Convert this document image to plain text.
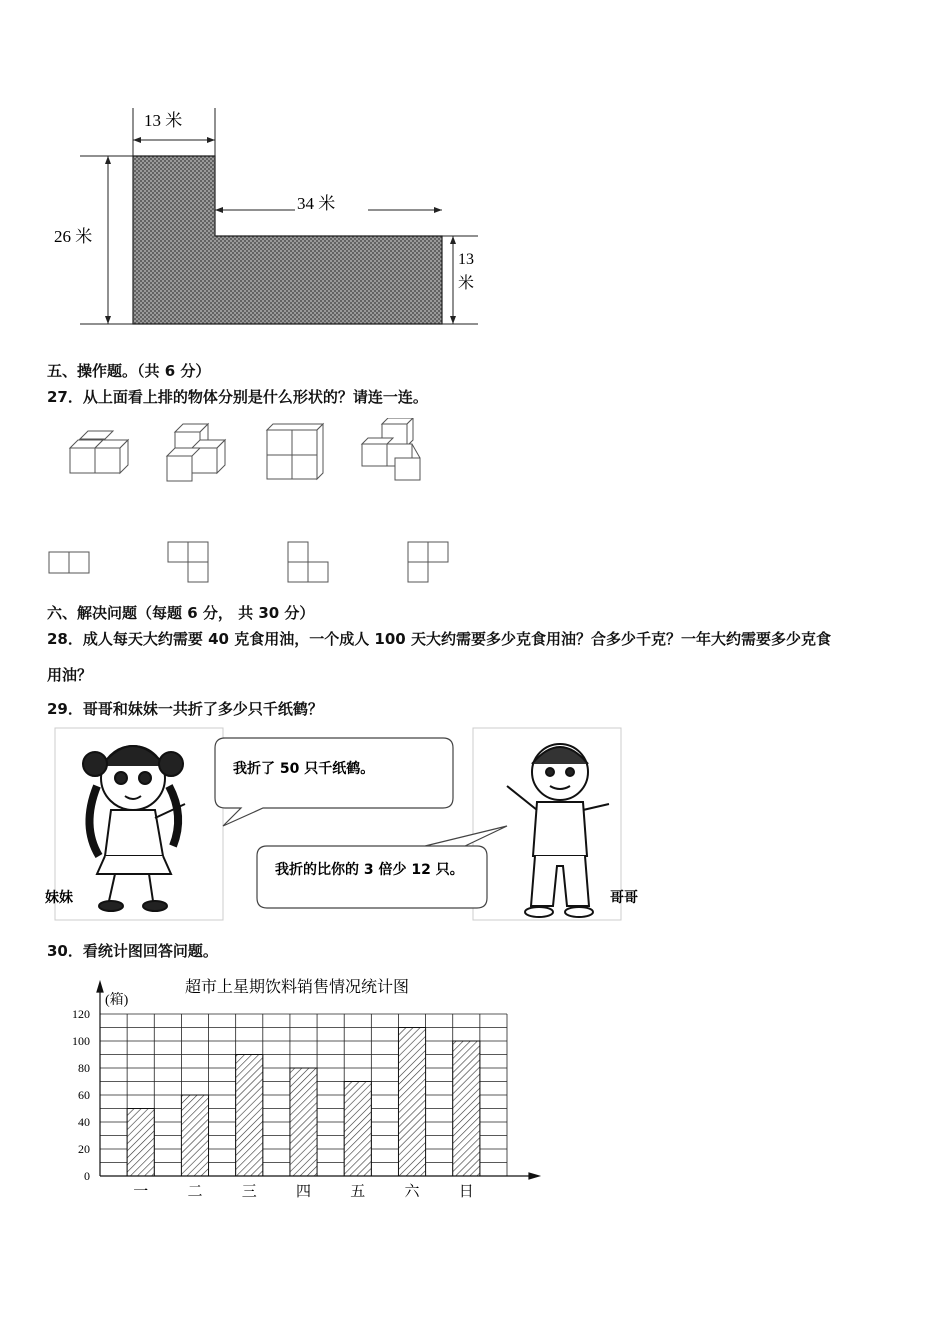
13 米
34 米
26 米
13
米
五、操作题。（共 6 分）
27．从上面看上排的物体分别是什么形状的？请连一连。
六、解决问题（每题 6 分， 共 30 分）
28．成人每天大约需要 40 克食用油，一个成人 100 天大约需要多少克食用油？合多少千克？一年大约需要多少克食
用油？
29．哥哥和妹妹一共折了多少只千纸鹤？
妹妹
我折了 50 只千纸鹤。
我折的比你的 3 倍少 12 只。
哥哥
30．看统计图回答问题。
超市上星期饮料销售情况统计图
(箱)
0
20
40
60
80
100
120
一	二	三	四	五	六	日
